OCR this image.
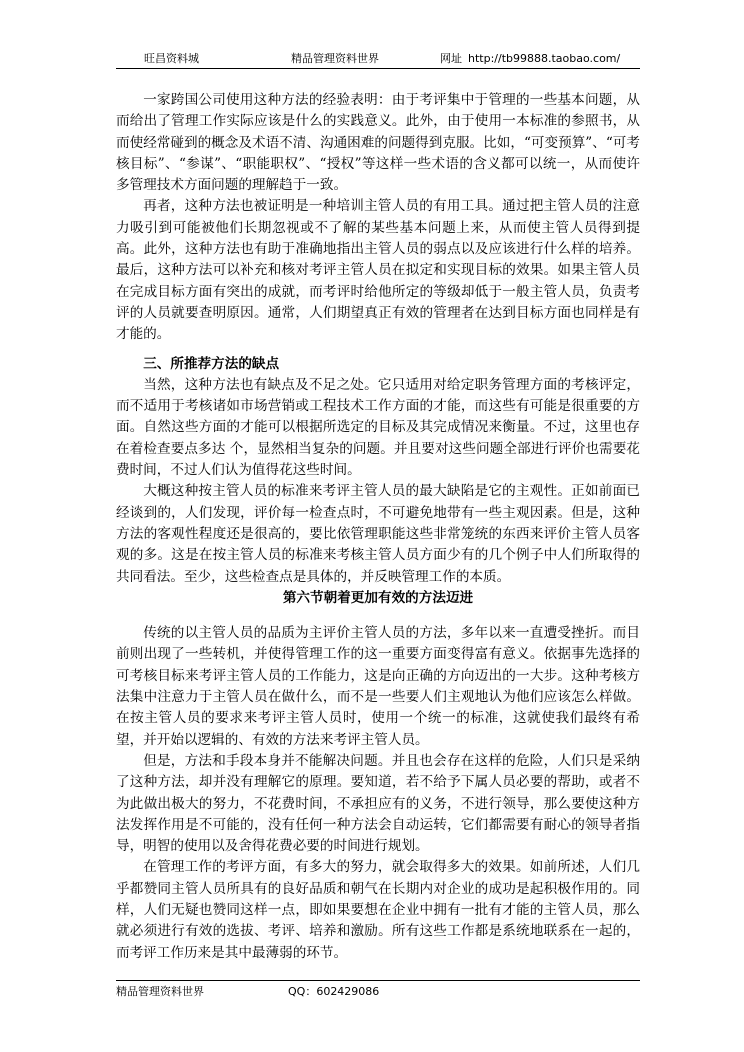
旺昌资料城	精品管理资料世界	网址 http://tb99888.taobao.com/

一家跨国公司使用这种方法的经验表明：由于考评集中于管理的一些基本问题，从而给出了管理工作实际应该是什么的实践意义。此外，由于使用一本标准的参照书，从而使经常碰到的概念及术语不清、沟通困难的问题得到克服。比如，“可变预算”、“可考核目标”、“参谋”、“职能职权”、“授权”等这样一些术语的含义都可以统一，从而使许多管理技术方面问题的理解趋于一致。

再者，这种方法也被证明是一种培训主管人员的有用工具。通过把主管人员的注意力吸引到可能被他们长期忽视或不了解的某些基本问题上来，从而使主管人员得到提高。此外，这种方法也有助于准确地指出主管人员的弱点以及应该进行什么样的培养。最后，这种方法可以补充和核对考评主管人员在拟定和实现目标的效果。如果主管人员在完成目标方面有突出的成就，而考评时给他所定的等级却低于一般主管人员，负责考评的人员就要查明原因。通常，人们期望真正有效的管理者在达到目标方面也同样是有才能的。

三、所推荐方法的缺点

当然，这种方法也有缺点及不足之处。它只适用对给定职务管理方面的考核评定，而不适用于考核诸如市场营销或工程技术工作方面的才能，而这些有可能是很重要的方面。自然这些方面的才能可以根据所选定的目标及其完成情况来衡量。不过，这里也存在着检查要点多达 个，显然相当复杂的问题。并且要对这些问题全部进行评价也需要花费时间，不过人们认为值得花这些时间。

大概这种按主管人员的标准来考评主管人员的最大缺陷是它的主观性。正如前面已经谈到的，人们发现，评价每一检查点时，不可避免地带有一些主观因素。但是，这种方法的客观性程度还是很高的，要比依管理职能这些非常笼统的东西来评价主管人员客观的多。这是在按主管人员的标准来考核主管人员方面少有的几个例子中人们所取得的共同看法。至少，这些检查点是具体的，并反映管理工作的本质。

第六节朝着更加有效的方法迈进

传统的以主管人员的品质为主评价主管人员的方法，多年以来一直遭受挫折。而目前则出现了一些转机，并使得管理工作的这一重要方面变得富有意义。依据事先选择的可考核目标来考评主管人员的工作能力，这是向正确的方向迈出的一大步。这种考核方法集中注意力于主管人员在做什么，而不是一些要人们主观地认为他们应该怎么样做。在按主管人员的要求来考评主管人员时，使用一个统一的标准，这就使我们最终有希望，并开始以逻辑的、有效的方法来考评主管人员。

但是，方法和手段本身并不能解决问题。并且也会存在这样的危险，人们只是采纳了这种方法，却并没有理解它的原理。要知道，若不给予下属人员必要的帮助，或者不为此做出极大的努力，不花费时间，不承担应有的义务，不进行领导，那么要使这种方法发挥作用是不可能的，没有任何一种方法会自动运转，它们都需要有耐心的领导者指导，明智的使用以及舍得花费必要的时间进行规划。

在管理工作的考评方面，有多大的努力，就会取得多大的效果。如前所述，人们几乎都赞同主管人员所具有的良好品质和朝气在长期内对企业的成功是起积极作用的。同样，人们无疑也赞同这样一点，即如果要想在企业中拥有一批有才能的主管人员，那么就必须进行有效的选拔、考评、培养和激励。所有这些工作都是系统地联系在一起的，而考评工作历来是其中最薄弱的环节。

精品管理资料世界	QQ：602429086
